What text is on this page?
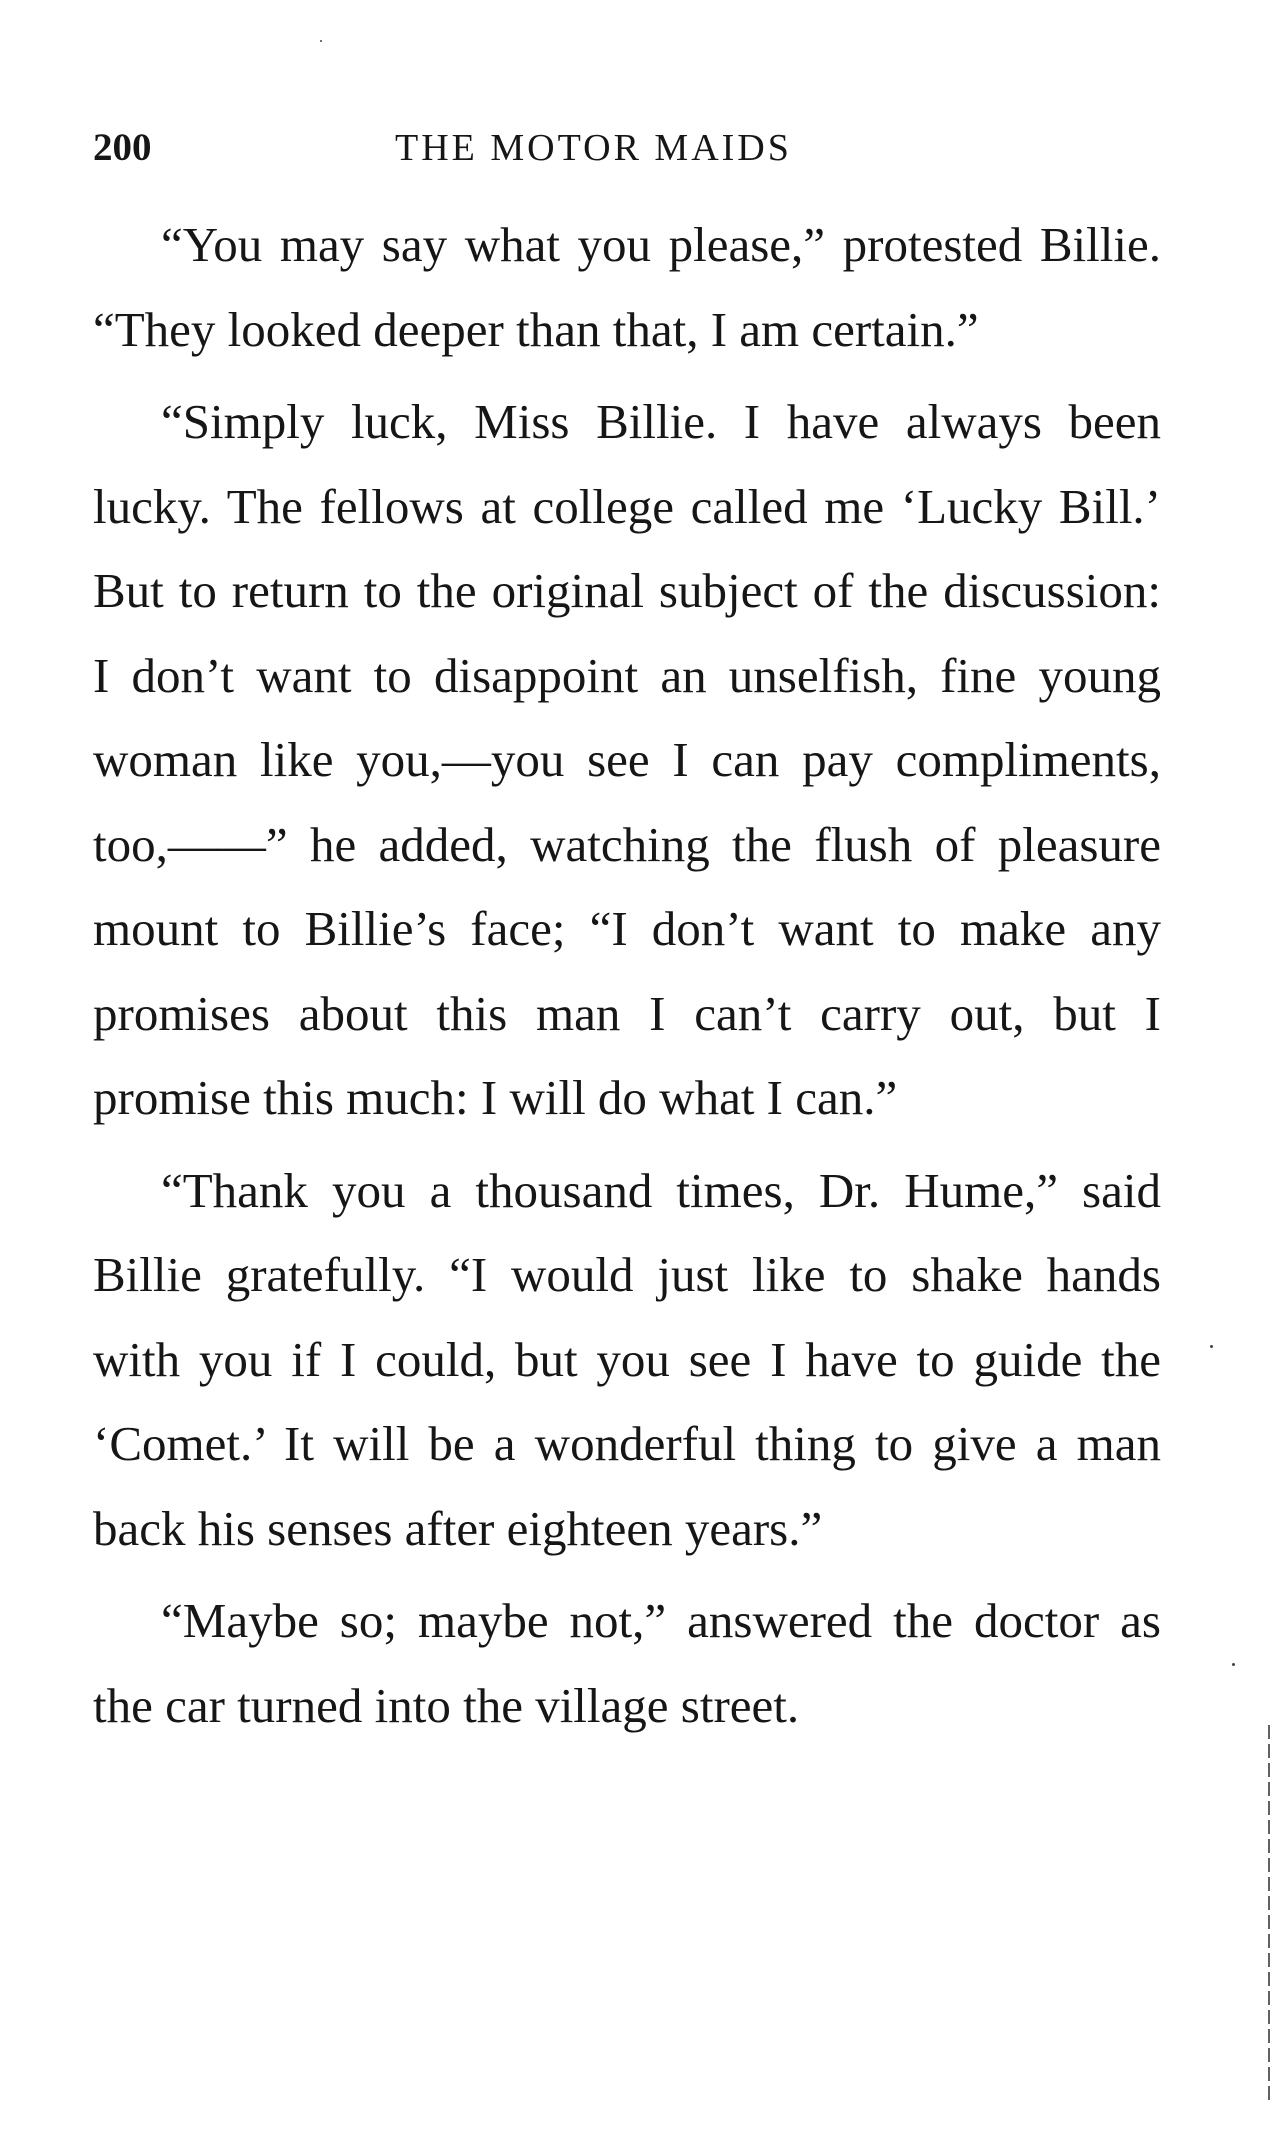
200	THE MOTOR MAIDS

“You may say what you please,” protested Billie. “They looked deeper than that, I am certain.”

“Simply luck, Miss Billie. I have always been lucky. The fellows at college called me ‘Lucky Bill.’ But to return to the original subject of the discussion: I don’t want to disappoint an unselfish, fine young woman like you,—you see I can pay compliments, too,——” he added, watching the flush of pleasure mount to Billie’s face; “I don’t want to make any promises about this man I can’t carry out, but I promise this much: I will do what I can.”

“Thank you a thousand times, Dr. Hume,” said Billie gratefully. “I would just like to shake hands with you if I could, but you see I have to guide the ‘Comet.’ It will be a wonderful thing to give a man back his senses after eighteen years.”

“Maybe so; maybe not,” answered the doctor as the car turned into the village street.
